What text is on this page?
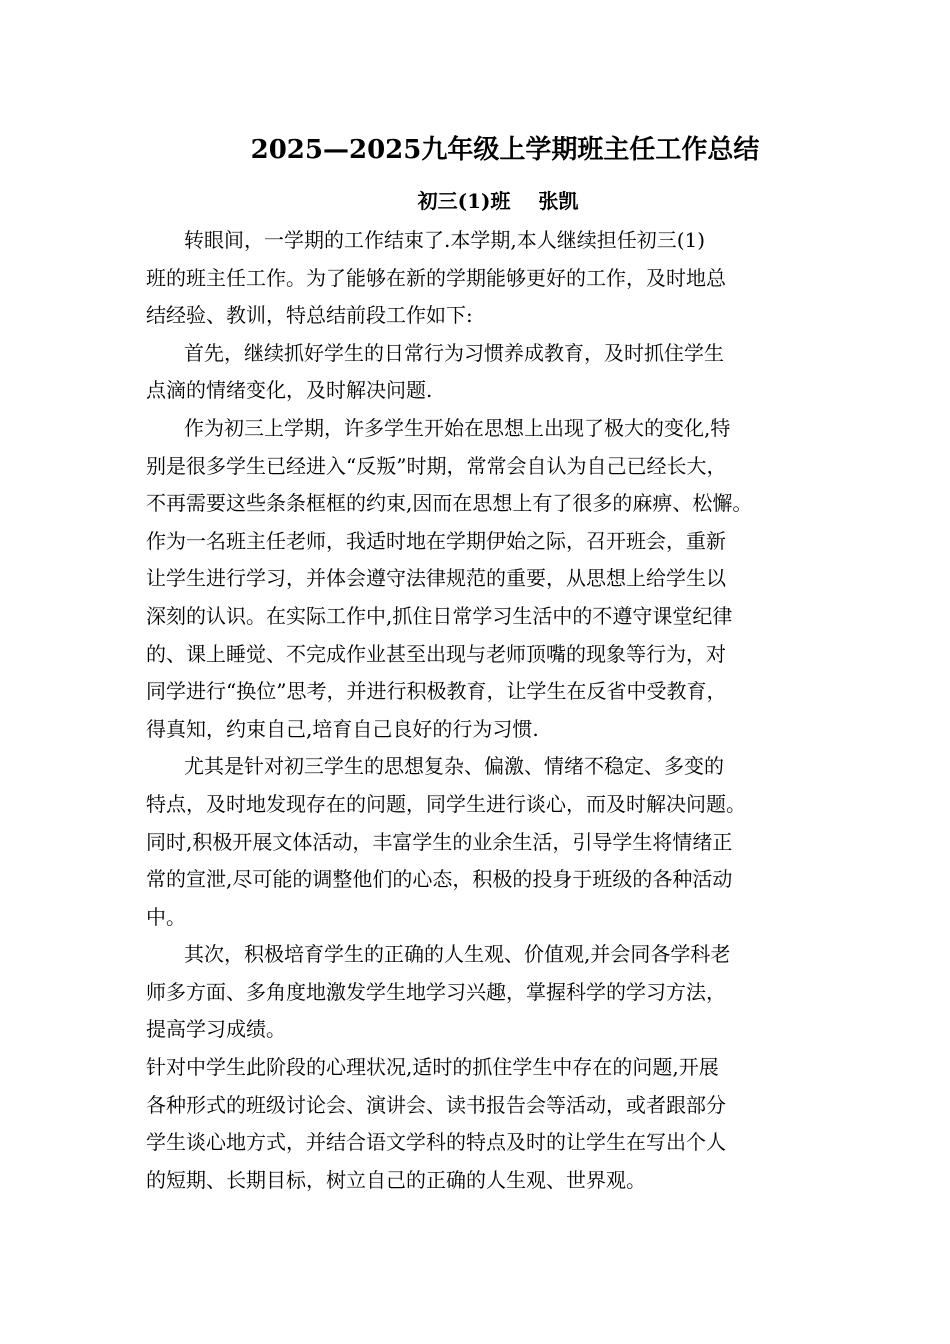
2025—2025九年级上学期班主任工作总结
初三(1)班    张凯
转眼间，一学期的工作结束了.本学期,本人继续担任初三(1)
班的班主任工作。为了能够在新的学期能够更好的工作，及时地总
结经验、教训，特总结前段工作如下:
首先，继续抓好学生的日常行为习惯养成教育，及时抓住学生
点滴的情绪变化，及时解决问题.
作为初三上学期，许多学生开始在思想上出现了极大的变化,特
别是很多学生已经进入“反叛”时期，常常会自认为自己已经长大，
不再需要这些条条框框的约束,因而在思想上有了很多的麻痹、松懈。
作为一名班主任老师，我适时地在学期伊始之际，召开班会，重新
让学生进行学习，并体会遵守法律规范的重要，从思想上给学生以
深刻的认识。在实际工作中,抓住日常学习生活中的不遵守课堂纪律
的、课上睡觉、不完成作业甚至出现与老师顶嘴的现象等行为，对
同学进行“换位”思考，并进行积极教育，让学生在反省中受教育，
得真知，约束自己,培育自己良好的行为习惯.
尤其是针对初三学生的思想复杂、偏激、情绪不稳定、多变的
特点，及时地发现存在的问题，同学生进行谈心，而及时解决问题。
同时,积极开展文体活动，丰富学生的业余生活，引导学生将情绪正
常的宣泄,尽可能的调整他们的心态，积极的投身于班级的各种活动
中。
其次，积极培育学生的正确的人生观、价值观,并会同各学科老
师多方面、多角度地激发学生地学习兴趣，掌握科学的学习方法，
提高学习成绩。
针对中学生此阶段的心理状况,适时的抓住学生中存在的问题,开展
各种形式的班级讨论会、演讲会、读书报告会等活动，或者跟部分
学生谈心地方式，并结合语文学科的特点及时的让学生在写出个人
的短期、长期目标，树立自己的正确的人生观、世界观。
